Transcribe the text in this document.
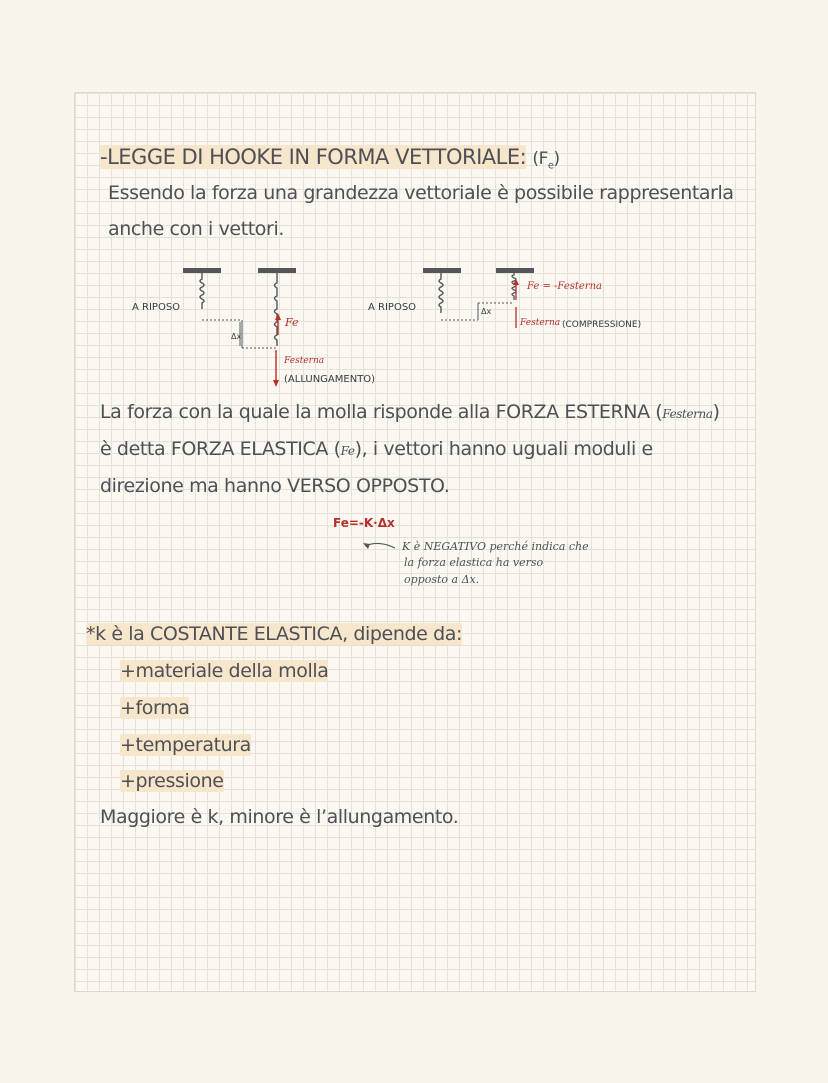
-LEGGE DI HOOKE IN FORMA VETTORIALE: $(F_e)$
Essendo la forza una grandezza vettoriale è possibile rappresentarla
anche con i vettori.
A RIPOSO
Δx
Fe
Festerna
(ALLUNGAMENTO)
A RIPOSO	Δx
Fe = -Festerna
Festerna (COMPRESSIONE)
La forza con la quale la molla risponde alla FORZA ESTERNA (Festerna)
è detta FORZA ELASTICA (Fe), i vettori hanno uguali moduli e
direzione ma hanno VERSO OPPOSTO.
Fe=-K·Δx
K è NEGATIVO perché indica che
la forza elastica ha verso
opposto a Δx.
*k è la COSTANTE ELASTICA, dipende da:
+materiale della molla
+forma
+temperatura
+pressione
Maggiore è k, minore è l’allungamento.
